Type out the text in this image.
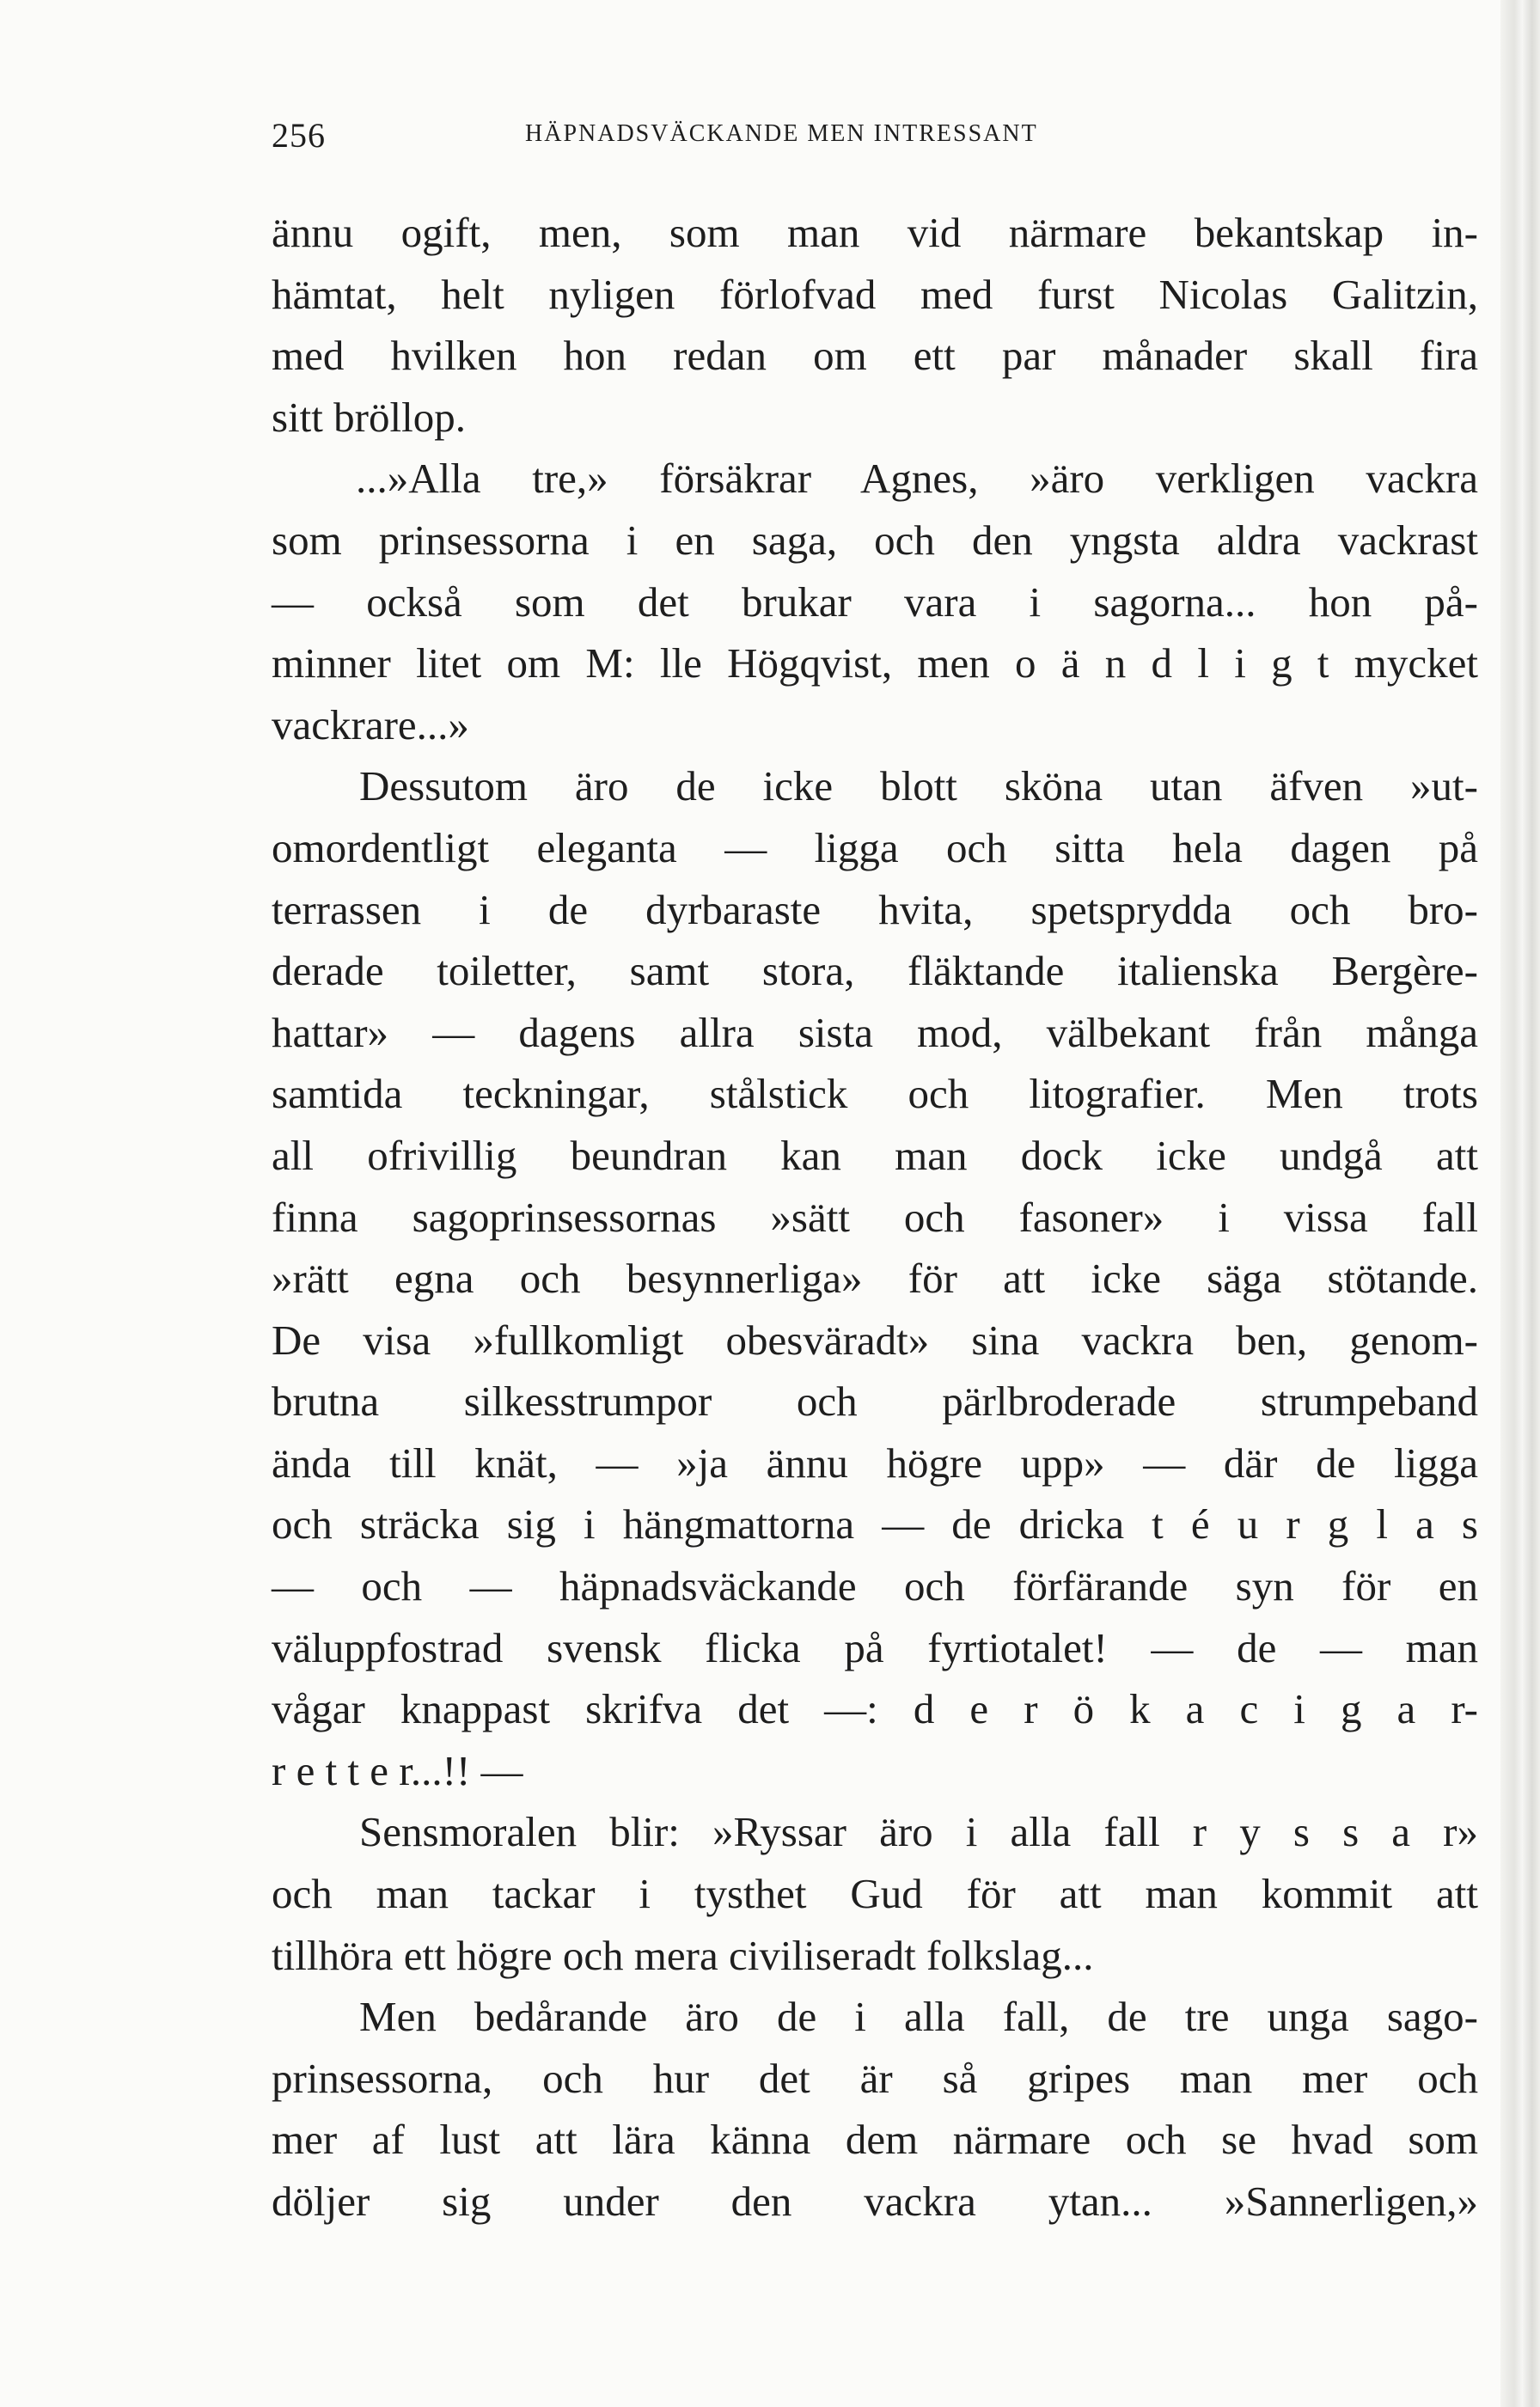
256	HÄPNADSVÄCKANDE MEN INTRESSANT
ännu ogift, men, som man vid närmare bekantskap in-
hämtat, helt nyligen förlofvad med furst Nicolas Galitzin,
med hvilken hon redan om ett par månader skall fira
sitt bröllop.
...»Alla tre,» försäkrar Agnes, »äro verkligen vackra
som prinsessorna i en saga, och den yngsta aldra vackrast
— också som det brukar vara i sagorna... hon på-
minner litet om M: lle Högqvist, men o ä n d l i g t mycket
vackrare...»
Dessutom äro de icke blott sköna utan äfven »ut-
omordentligt eleganta — ligga och sitta hela dagen på
terrassen i de dyrbaraste hvita, spetsprydda och bro-
derade toiletter, samt stora, fläktande italienska Bergère-
hattar» — dagens allra sista mod, välbekant från många
samtida teckningar, stålstick och litografier. Men trots
all ofrivillig beundran kan man dock icke undgå att
finna sagoprinsessornas »sätt och fasoner» i vissa fall
»rätt egna och besynnerliga» för att icke säga stötande.
De visa »fullkomligt obesväradt» sina vackra ben, genom-
brutna silkesstrumpor och pärlbroderade strumpeband
ända till knät, — »ja ännu högre upp» — där de ligga
och sträcka sig i hängmattorna — de dricka t é u r g l a s
— och — häpnadsväckande och förfärande syn för en
väluppfostrad svensk flicka på fyrtiotalet! — de — man
vågar knappast skrifva det —: d e r ö k a c i g a r-
r e t t e r...!! —
Sensmoralen blir: »Ryssar äro i alla fall r y s s a r»
och man tackar i tysthet Gud för att man kommit att
tillhöra ett högre och mera civiliseradt folkslag...
Men bedårande äro de i alla fall, de tre unga sago-
prinsessorna, och hur det är så gripes man mer och
mer af lust att lära känna dem närmare och se hvad som
döljer sig under den vackra ytan... »Sannerligen,»
